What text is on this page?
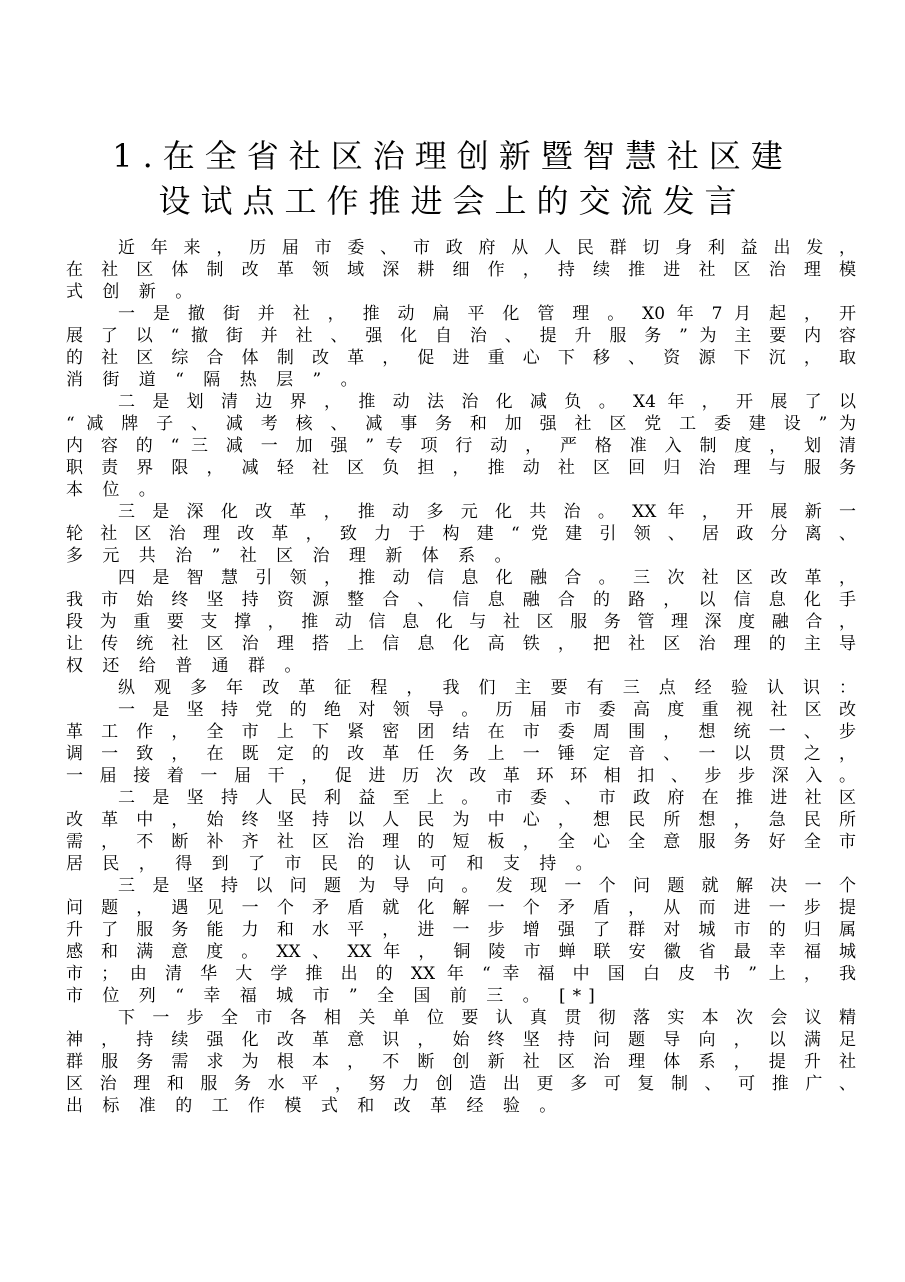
1.在全省社区治理创新暨智慧社区建
设试点工作推进会上的交流发言
近 年 来 ， 历 届 市 委 、 市 政 府 从 人 民 群 切 身 利 益 出 发 ，
在 社 区 体 制 改 革 领 域 深 耕 细 作 ， 持 续 推 进 社 区 治 理 模
式 创 新 。
一 是 撤 街 并 社 ， 推 动 扁 平 化 管 理 。 X0 年 7 月 起 ， 开
展 了 以 “ 撤 街 并 社 、 强 化 自 治 、 提 升 服 务 ” 为 主 要 内 容
的 社 区 综 合 体 制 改 革 ， 促 进 重 心 下 移 、 资 源 下 沉 ， 取
消 街 道 “ 隔 热 层 ” 。
二 是 划 清 边 界 ， 推 动 法 治 化 减 负 。 X4 年 ， 开 展 了 以
“ 减 牌 子 、 减 考 核 、 减 事 务 和 加 强 社 区 党 工 委 建 设 ” 为
内 容 的 “ 三 减 一 加 强 ” 专 项 行 动 ， 严 格 准 入 制 度 ， 划 清
职 责 界 限 ， 减 轻 社 区 负 担 ， 推 动 社 区 回 归 治 理 与 服 务
本 位 。
三 是 深 化 改 革 ， 推 动 多 元 化 共 治 。 XX 年 ， 开 展 新 一
轮 社 区 治 理 改 革 ， 致 力 于 构 建 “ 党 建 引 领 、 居 政 分 离 、
多 元 共 治 ” 社 区 治 理 新 体 系 。
四 是 智 慧 引 领 ， 推 动 信 息 化 融 合 。 三 次 社 区 改 革 ，
我 市 始 终 坚 持 资 源 整 合 、 信 息 融 合 的 路 ， 以 信 息 化 手
段 为 重 要 支 撑 ， 推 动 信 息 化 与 社 区 服 务 管 理 深 度 融 合 ，
让 传 统 社 区 治 理 搭 上 信 息 化 高 铁 ， 把 社 区 治 理 的 主 导
权 还 给 普 通 群 。
纵 观 多 年 改 革 征 程 ， 我 们 主 要 有 三 点 经 验 认 识 ：
一 是 坚 持 党 的 绝 对 领 导 。 历 届 市 委 高 度 重 视 社 区 改
革 工 作 ， 全 市 上 下 紧 密 团 结 在 市 委 周 围 ， 想 统 一 、 步
调 一 致 ， 在 既 定 的 改 革 任 务 上 一 锤 定 音 、 一 以 贯 之 ，
一 届 接 着 一 届 干 ， 促 进 历 次 改 革 环 环 相 扣 、 步 步 深 入 。
二 是 坚 持 人 民 利 益 至 上 。 市 委 、 市 政 府 在 推 进 社 区
改 革 中 ， 始 终 坚 持 以 人 民 为 中 心 ， 想 民 所 想 ， 急 民 所
需 ， 不 断 补 齐 社 区 治 理 的 短 板 ， 全 心 全 意 服 务 好 全 市
居 民 ， 得 到 了 市 民 的 认 可 和 支 持 。
三 是 坚 持 以 问 题 为 导 向 。 发 现 一 个 问 题 就 解 决 一 个
问 题 ， 遇 见 一 个 矛 盾 就 化 解 一 个 矛 盾 ， 从 而 进 一 步 提
升 了 服 务 能 力 和 水 平 ， 进 一 步 增 强 了 群 对 城 市 的 归 属
感 和 满 意 度 。 XX 、 XX 年 ， 铜 陵 市 蝉 联 安 徽 省 最 幸 福 城
市 ； 由 清 华 大 学 推 出 的 XX 年 “ 幸 福 中 国 白 皮 书 ” 上 ， 我
市 位 列 “ 幸 福 城 市 ” 全 国 前 三 。 [*]
下 一 步 全 市 各 相 关 单 位 要 认 真 贯 彻 落 实 本 次 会 议 精
神 ， 持 续 强 化 改 革 意 识 ， 始 终 坚 持 问 题 导 向 ， 以 满 足
群 服 务 需 求 为 根 本 ， 不 断 创 新 社 区 治 理 体 系 ， 提 升 社
区 治 理 和 服 务 水 平 ， 努 力 创 造 出 更 多 可 复 制 、 可 推 广 、
出 标 准 的 工 作 模 式 和 改 革 经 验 。
